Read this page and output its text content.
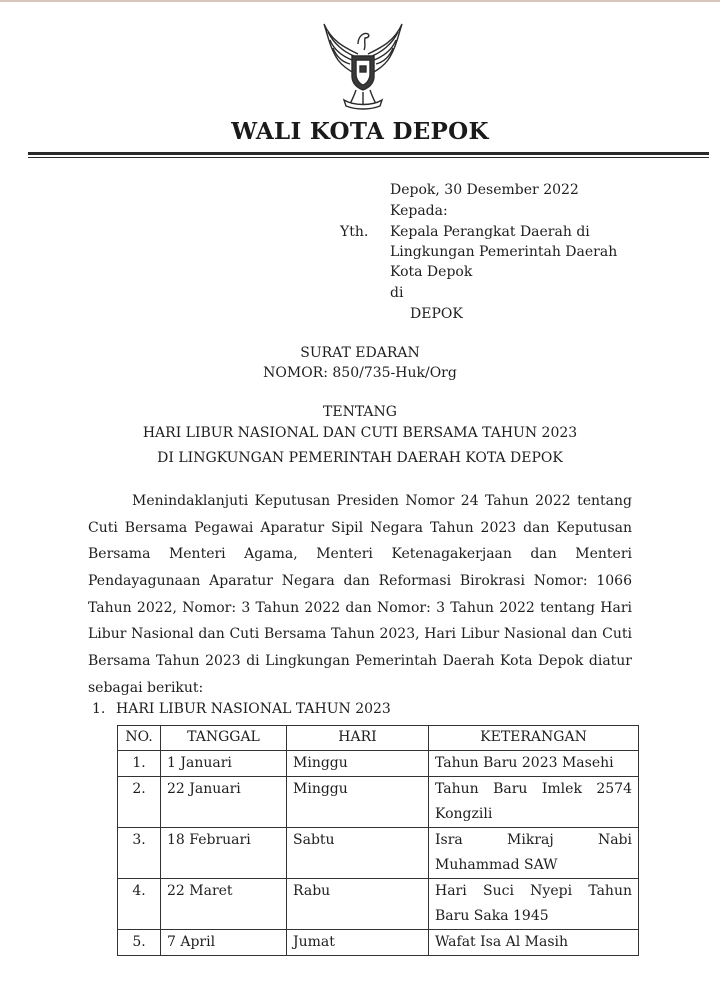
WALI KOTA DEPOK
Depok, 30 Desember 2022
Kepada:
Yth. Kepala Perangkat Daerah di
Lingkungan Pemerintah Daerah
Kota Depok
di
DEPOK
SURAT EDARAN
NOMOR: 850/735-Huk/Org
TENTANG
HARI LIBUR NASIONAL DAN CUTI BERSAMA TAHUN 2023
DI LINGKUNGAN PEMERINTAH DAERAH KOTA DEPOK
Menindaklanjuti Keputusan Presiden Nomor 24 Tahun 2022 tentang
Cuti Bersama Pegawai Aparatur Sipil Negara Tahun 2023 dan Keputusan
Bersama Menteri Agama, Menteri Ketenagakerjaan dan Menteri
Pendayagunaan Aparatur Negara dan Reformasi Birokrasi Nomor: 1066
Tahun 2022, Nomor: 3 Tahun 2022 dan Nomor: 3 Tahun 2022 tentang Hari
Libur Nasional dan Cuti Bersama Tahun 2023, Hari Libur Nasional dan Cuti
Bersama Tahun 2023 di Lingkungan Pemerintah Daerah Kota Depok diatur
sebagai berikut:
1. HARI LIBUR NASIONAL TAHUN 2023
NO.	TANGGAL	HARI	KETERANGAN
1.	1 Januari	Minggu	Tahun Baru 2023 Masehi
2.	22 Januari	Minggu	Tahun Baru Imlek 2574
Kongzili
3.	18 Februari	Sabtu	Isra Mikraj Nabi
Muhammad SAW
4.	22 Maret	Rabu	Hari Suci Nyepi Tahun
Baru Saka 1945
5.	7 April	Jumat	Wafat Isa Al Masih
